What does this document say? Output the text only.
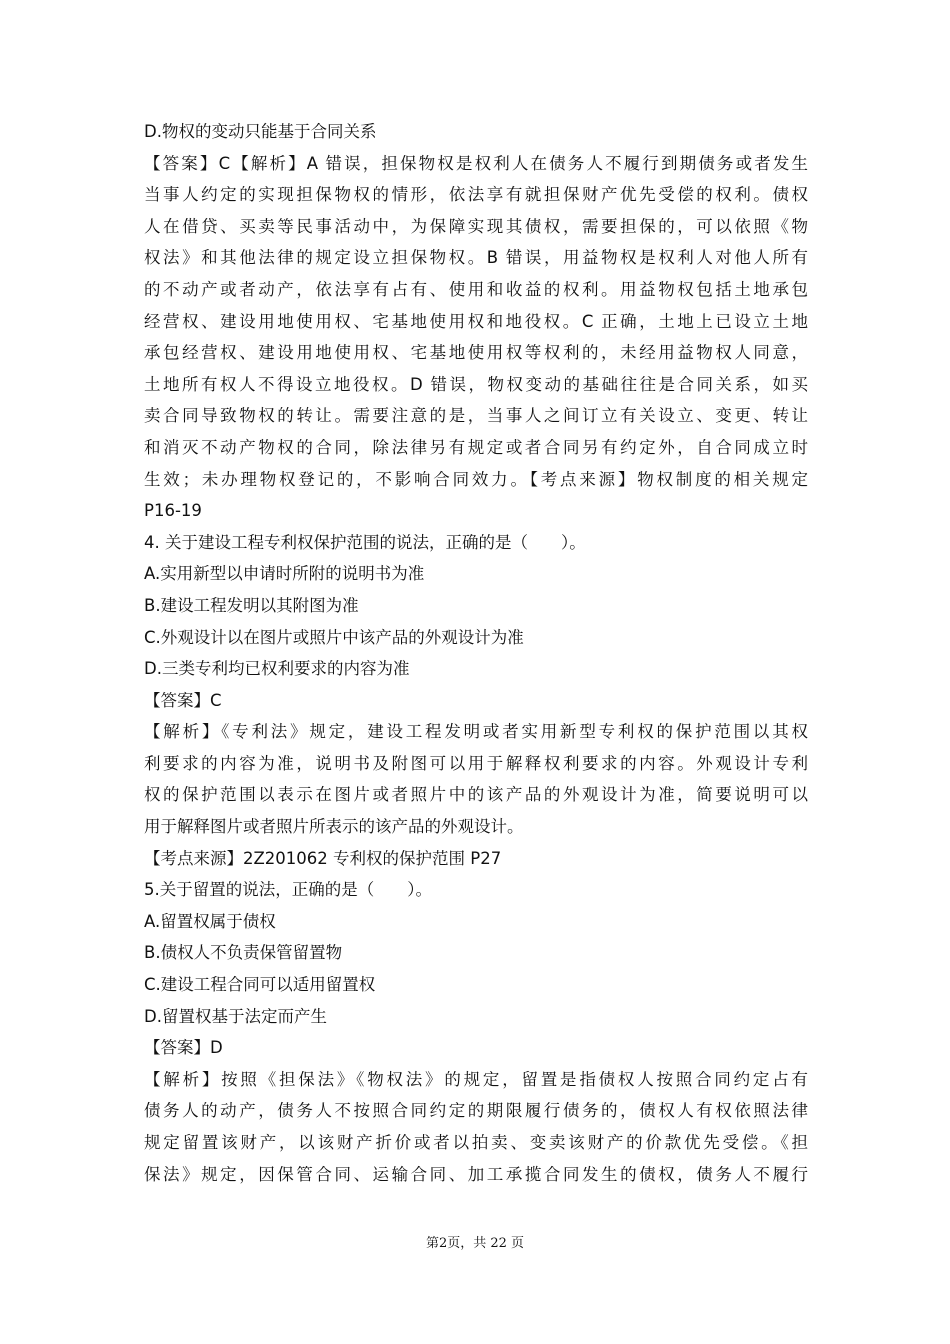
D.物权的变动只能基于合同关系
【答案】C【解析】A 错误，担保物权是权利人在债务人不履行到期债务或者发生
当事人约定的实现担保物权的情形，依法享有就担保财产优先受偿的权利。债权
人在借贷、买卖等民事活动中，为保障实现其债权，需要担保的，可以依照《物
权法》和其他法律的规定设立担保物权。B 错误，用益物权是权利人对他人所有
的不动产或者动产，依法享有占有、使用和收益的权利。用益物权包括土地承包
经营权、建设用地使用权、宅基地使用权和地役权。C 正确，土地上已设立土地
承包经营权、建设用地使用权、宅基地使用权等权利的，未经用益物权人同意，
土地所有权人不得设立地役权。D 错误，物权变动的基础往往是合同关系，如买
卖合同导致物权的转让。需要注意的是，当事人之间订立有关设立、变更、转让
和消灭不动产物权的合同，除法律另有规定或者合同另有约定外，自合同成立时
生效；未办理物权登记的，不影响合同效力。【考点来源】物权制度的相关规定
P16-19
4. 关于建设工程专利权保护范围的说法，正确的是（　　）。
A.实用新型以申请时所附的说明书为准
B.建设工程发明以其附图为准
C.外观设计以在图片或照片中该产品的外观设计为准
D.三类专利均已权利要求的内容为准
【答案】C
【解析】《专利法》规定，建设工程发明或者实用新型专利权的保护范围以其权
利要求的内容为准，说明书及附图可以用于解释权利要求的内容。外观设计专利
权的保护范围以表示在图片或者照片中的该产品的外观设计为准，简要说明可以
用于解释图片或者照片所表示的该产品的外观设计。
【考点来源】2Z201062 专利权的保护范围 P27
5.关于留置的说法，正确的是（　　）。
A.留置权属于债权
B.债权人不负责保管留置物
C.建设工程合同可以适用留置权
D.留置权基于法定而产生
【答案】D
【解析】按照《担保法》《物权法》的规定，留置是指债权人按照合同约定占有
债务人的动产，债务人不按照合同约定的期限履行债务的，债权人有权依照法律
规定留置该财产，以该财产折价或者以拍卖、变卖该财产的价款优先受偿。《担
保法》规定，因保管合同、运输合同、加工承揽合同发生的债权，债务人不履行
第2页，共 22 页
